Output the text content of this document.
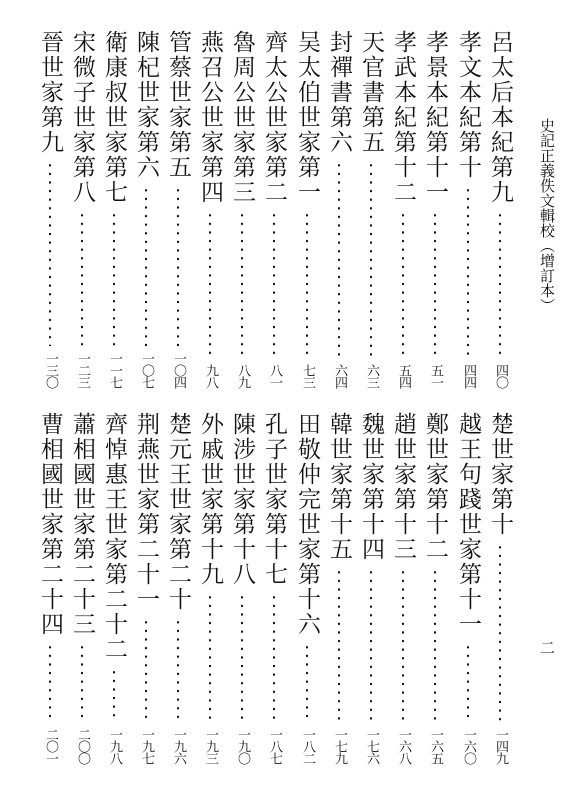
史記正義佚文輯校（增訂本）
二
呂太后本紀第九
四〇
孝文本紀第十
四四
孝景本紀第十一
五一
孝武本紀第十二
五四
天官書第五
六三
封禪書第六
六四
吴太伯世家第一
七三
齊太公世家第二
八一
魯周公世家第三
八九
燕召公世家第四
九八
管蔡世家第五
一〇四
陳杞世家第六
一〇七
衛康叔世家第七
一一七
宋微子世家第八
一二三
晉世家第九
一三〇
楚世家第十
一四九
越王句踐世家第十一
一六〇
鄭世家第十二
一六五
趙世家第十三
一六八
魏世家第十四
一七六
韓世家第十五
一七九
田敬仲完世家第十六
一八二
孔子世家第十七
一八七
陳涉世家第十八
一九〇
外戚世家第十九
一九三
楚元王世家第二十
一九六
荆燕世家第二十一
一九七
齊悼惠王世家第二十二
一九八
蕭相國世家第二十三
二〇〇
曹相國世家第二十四
二〇一
